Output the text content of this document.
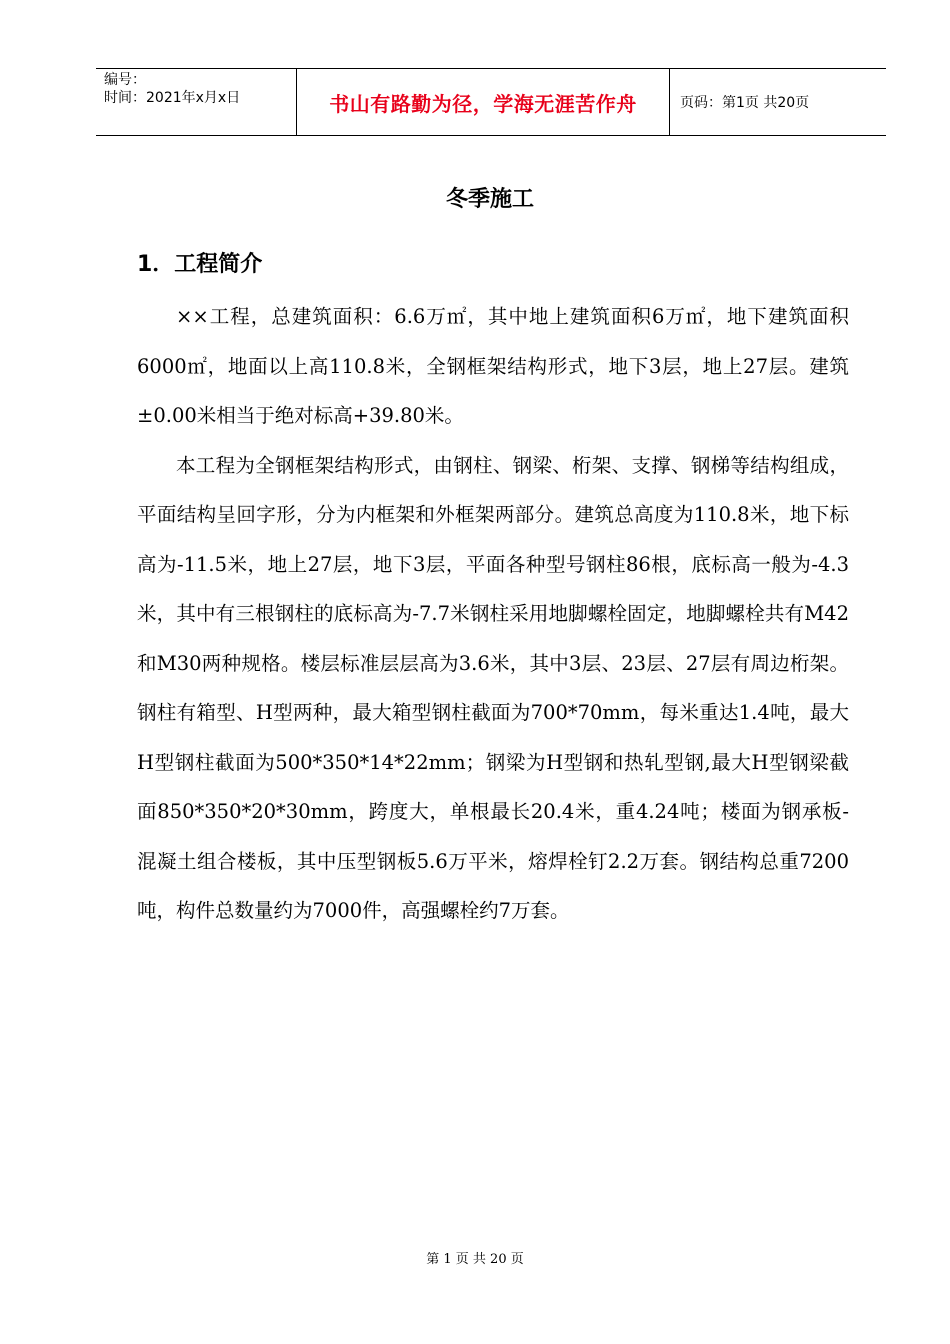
编号：
时间：2021年x月x日	书山有路勤为径，学海无涯苦作舟	页码：第1页 共20页
冬季施工
1．工程简介

××工程，总建筑面积：6.6万㎡，其中地上建筑面积6万㎡，地下建筑面积6000㎡，地面以上高110.8米，全钢框架结构形式，地下3层，地上27层。建筑±0.00米相当于绝对标高+39.80米。

本工程为全钢框架结构形式，由钢柱、钢梁、桁架、支撑、钢梯等结构组成，平面结构呈回字形，分为内框架和外框架两部分。建筑总高度为110.8米，地下标高为-11.5米，地上27层，地下3层，平面各种型号钢柱86根，底标高一般为-4.3米，其中有三根钢柱的底标高为-7.7米钢柱采用地脚螺栓固定，地脚螺栓共有M42和M30两种规格。楼层标准层层高为3.6米，其中3层、23层、27层有周边桁架。钢柱有箱型、H型两种，最大箱型钢柱截面为700*70mm，每米重达1.4吨，最大H型钢柱截面为500*350*14*22mm；钢梁为H型钢和热轧型钢,最大H型钢梁截面850*350*20*30mm，跨度大，单根最长20.4米，重4.24吨；楼面为钢承板-混凝土组合楼板，其中压型钢板5.6万平米，熔焊栓钉2.2万套。钢结构总重7200吨，构件总数量约为7000件，高强螺栓约7万套。

第 1 页 共 20 页
